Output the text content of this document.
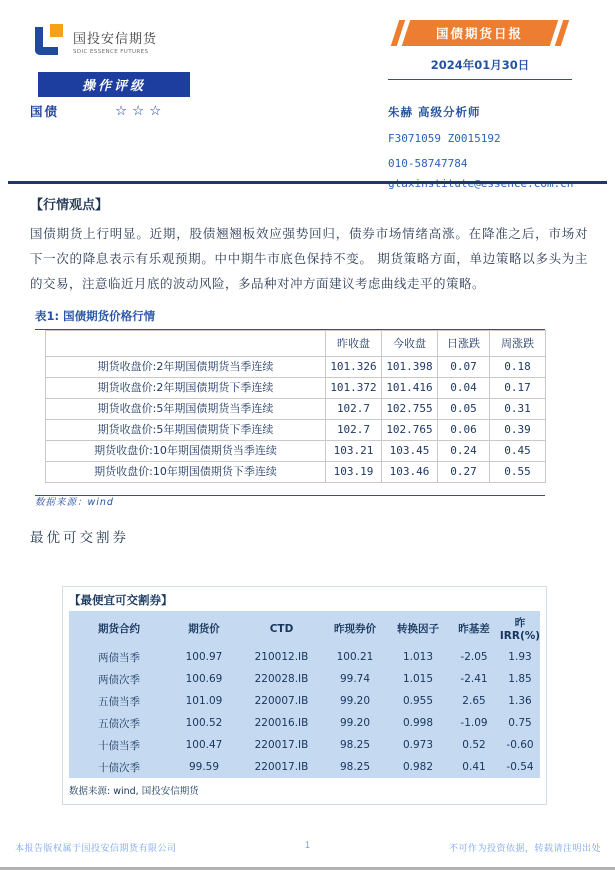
国投安信期货
SDIC ESSENCE FUTURES
操作评级
国债	☆☆☆
国债期货日报
2024年01月30日
朱赫 高级分析师
F3071059 Z0015192
010-58747784
【行情观点】
国债期货上行明显。近期，股债翘翘板效应强势回归，债券市场情绪高涨。在降准之后，市场对下一次的降息表示有乐观预期。中中期牛市底色保持不变。 期货策略方面，单边策略以多头为主的交易，注意临近月底的波动风险，多品种对冲方面建议考虑曲线走平的策略。
表1: 国债期货价格行情
	昨收盘	今收盘	日涨跌	周涨跌
期货收盘价:2年期国债期货当季连续	101.326	101.398	0.07	0.18
期货收盘价:2年期国债期货下季连续	101.372	101.416	0.04	0.17
期货收盘价:5年期国债期货当季连续	102.7	102.755	0.05	0.31
期货收盘价:5年期国债期货下季连续	102.7	102.765	0.06	0.39
期货收盘价:10年期国债期货当季连续	103.21	103.45	0.24	0.45
期货收盘价:10年期国债期货下季连续	103.19	103.46	0.27	0.55
数据来源：wind
最优可交割券
【最便宜可交割券】
期货合约	期货价	CTD	昨现券价	转换因子	昨基差	昨IRR(%)
两债当季	100.97	210012.IB	100.21	1.013	-2.05	1.93
两债次季	100.69	220028.IB	99.74	1.015	-2.41	1.85
五债当季	101.09	220007.IB	99.20	0.955	2.65	1.36
五债次季	100.52	220016.IB	99.20	0.998	-1.09	0.75
十债当季	100.47	220017.IB	98.25	0.973	0.52	-0.60
十债次季	99.59	220017.IB	98.25	0.982	0.41	-0.54
数据来源: wind, 国投安信期货
本报告版权属于国投安信期货有限公司	1	不可作为投资依据，转载请注明出处
